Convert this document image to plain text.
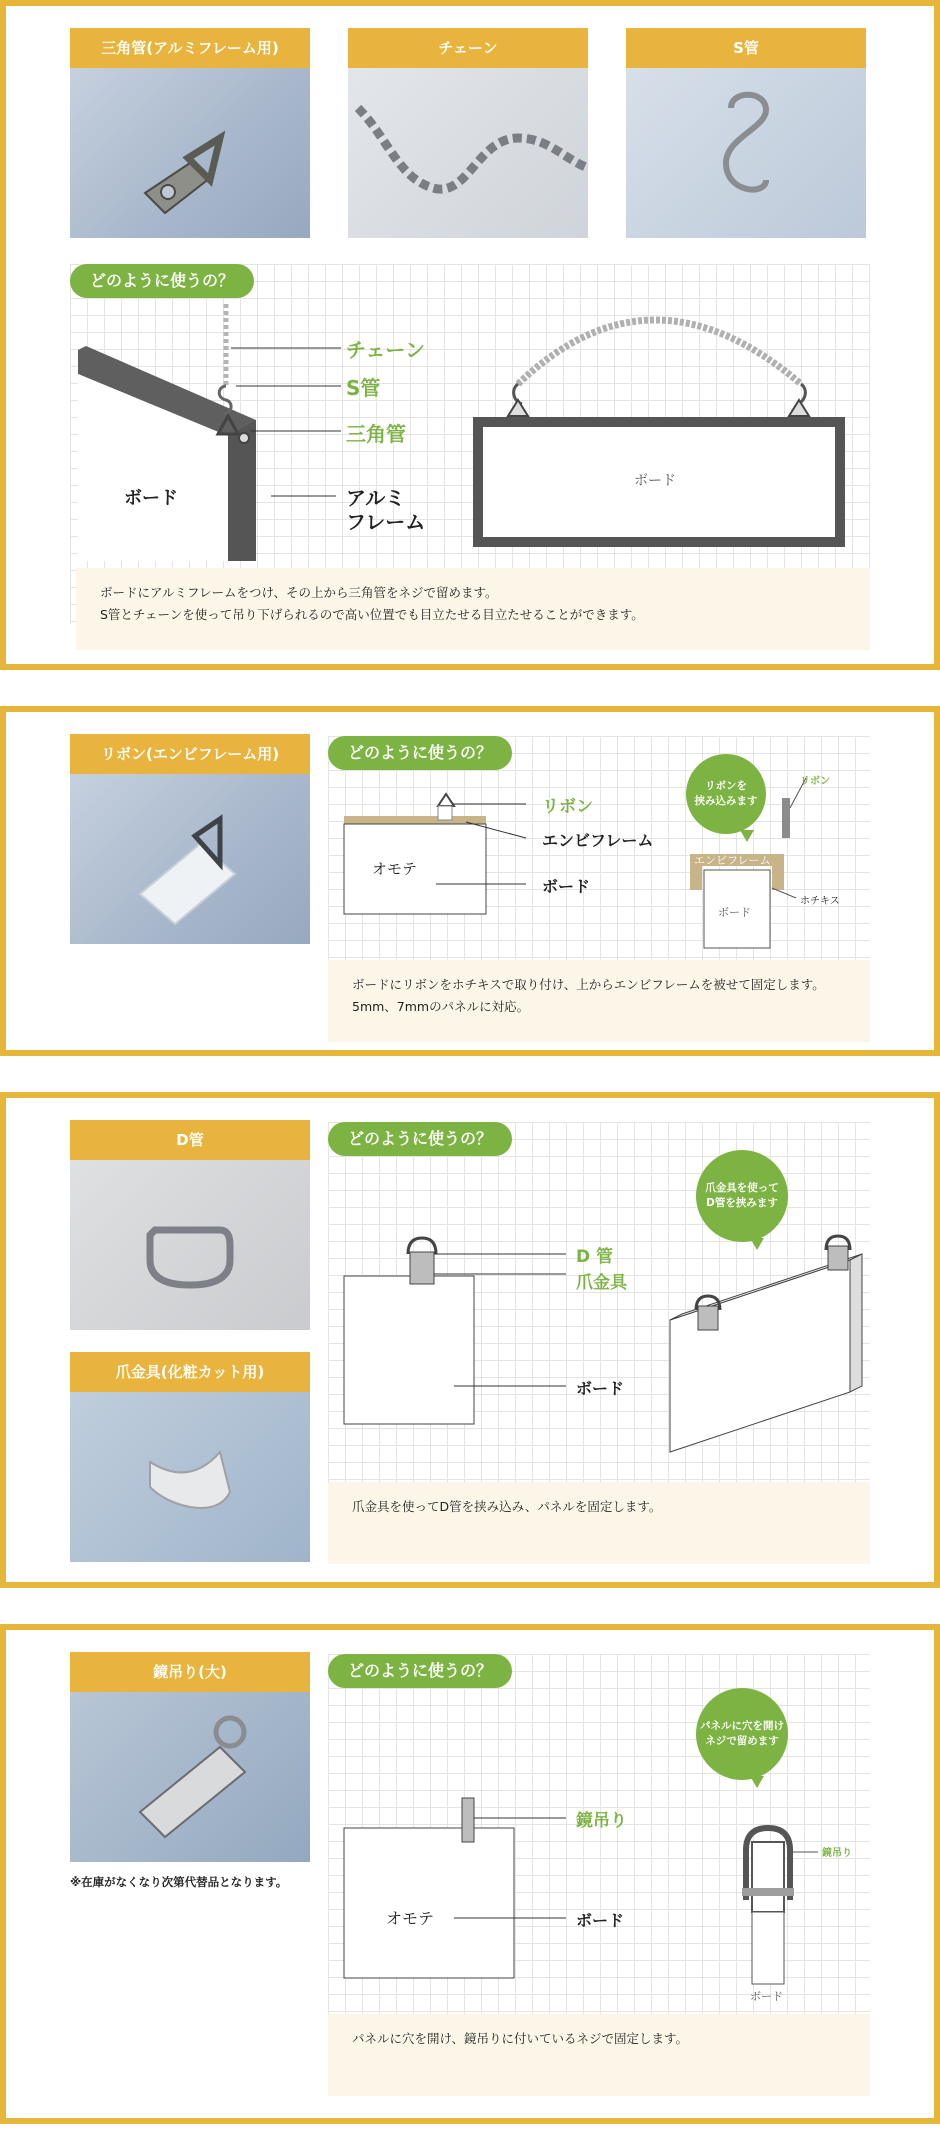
三角管(アルミフレーム用)	チェーン	S管
どのように使うの？
チェーン
S管
三角管
アルミ
フレーム
ボード
ボード
ボードにアルミフレームをつけ、その上から三角管をネジで留めます。
S管とチェーンを使って吊り下げられるので高い位置でも目立たせる目立たせることができます。
リボン(エンビフレーム用)	どのように使うの？
リボン
エンビフレーム
ボード
オモテ
リボンを
挟み込みます
リボン
エンビフレーム
ボード
ホチキス
ボードにリボンをホチキスで取り付け、上からエンビフレームを被せて固定します。
5mm、7mmのパネルに対応。
D管
爪金具(化粧カット用)
どのように使うの？
D 管
爪金具
ボード
爪金具を使って
D管を挟みます
爪金具を使ってD管を挟み込み、パネルを固定します。
鏡吊り(大)
※在庫がなくなり次第代替品となります。
どのように使うの？
鏡吊り
ボード
オモテ
パネルに穴を開け
ネジで留めます
鏡吊り
ボード
パネルに穴を開け、鏡吊りに付いているネジで固定します。
